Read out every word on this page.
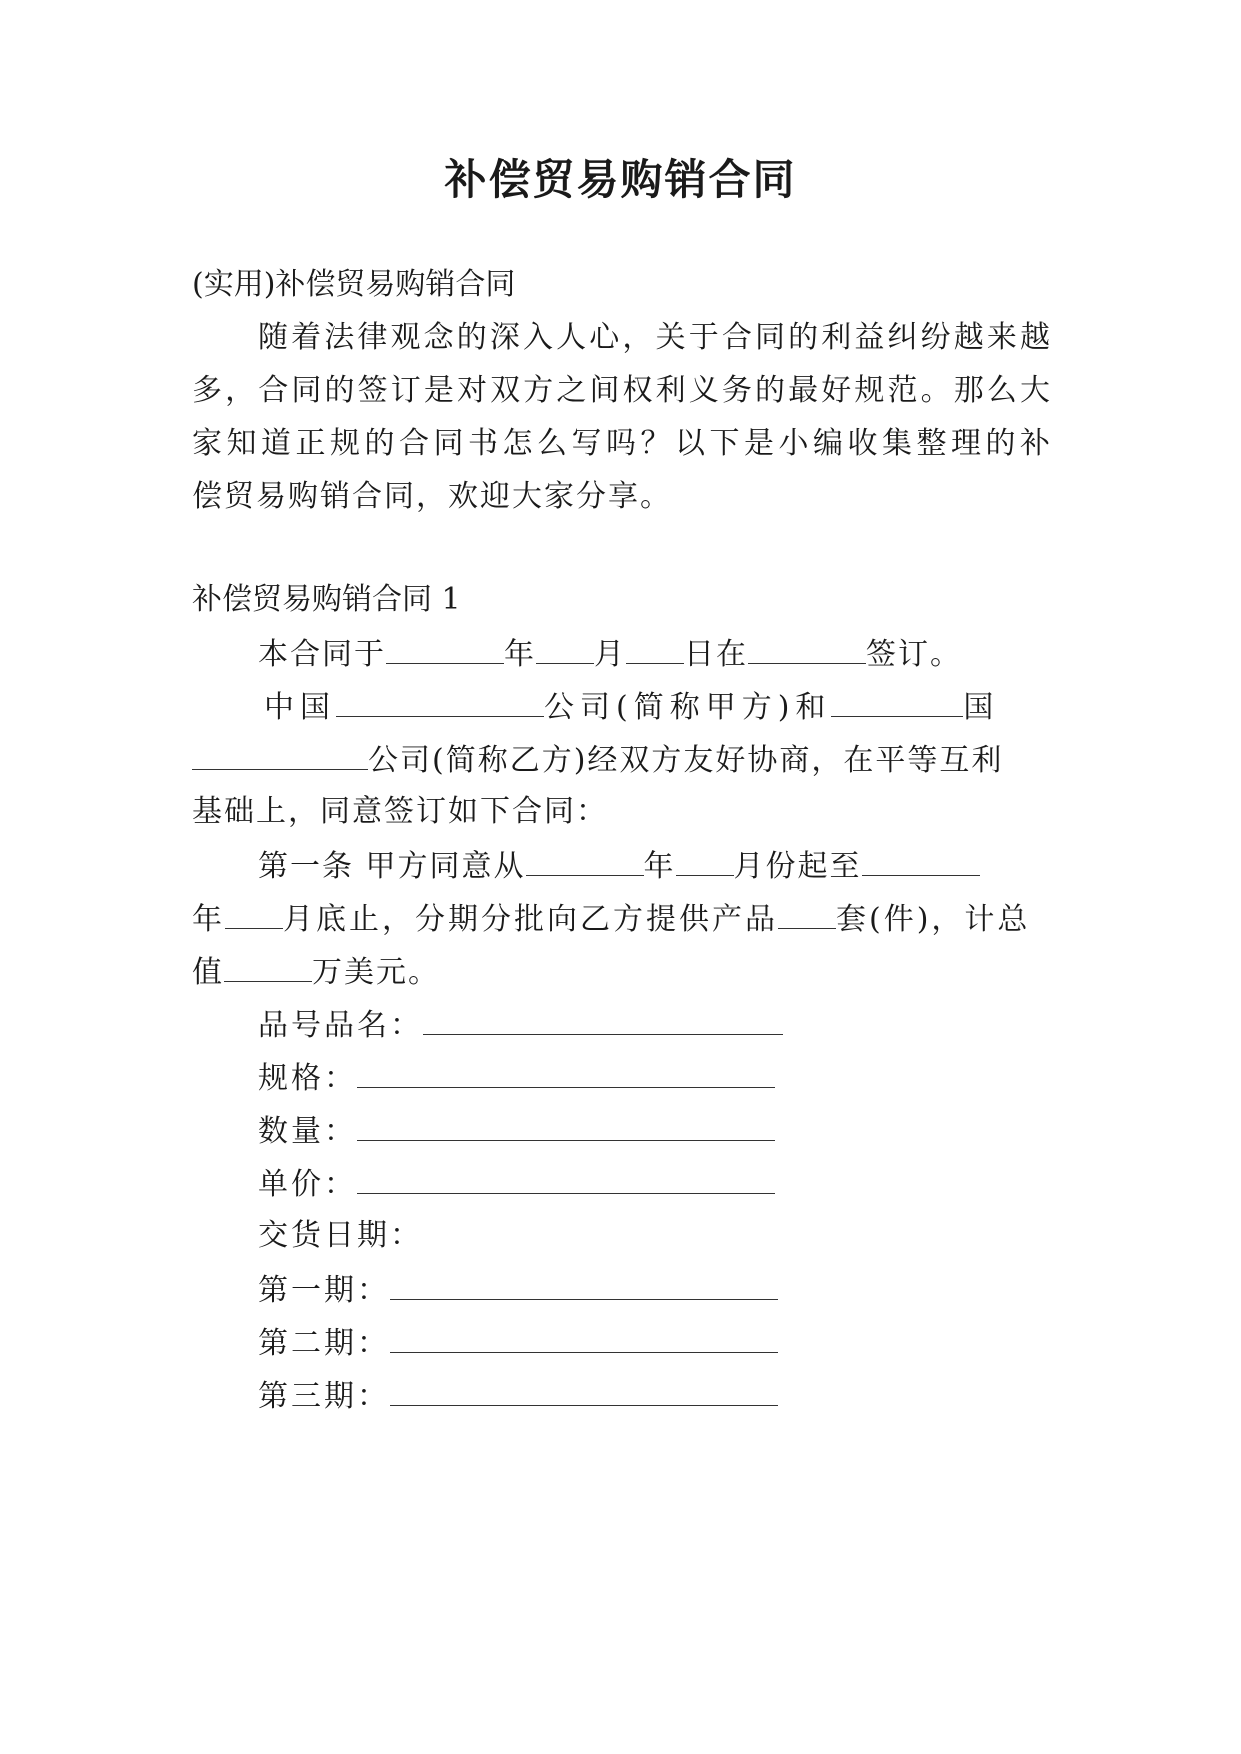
补偿贸易购销合同

(实用)补偿贸易购销合同

随着法律观念的深入人心，关于合同的利益纠纷越来越

多，合同的签订是对双方之间权利义务的最好规范。那么大

家知道正规的合同书怎么写吗？以下是小编收集整理的补

偿贸易购销合同，欢迎大家分享。

补偿贸易购销合同 1

本合同于	年 月 日在	签订。

中国	公司(简称甲方)和	国

公司(简称乙方)经双方友好协商，在平等互利

基础上，同意签订如下合同：

第一条 甲方同意从	年 月份起至

年 月底止，分期分批向乙方提供产品 套(件)，计总

值	万美元。

品号品名：
规格：
数量：
单价：
交货日期：
第一期：
第二期：
第三期：
